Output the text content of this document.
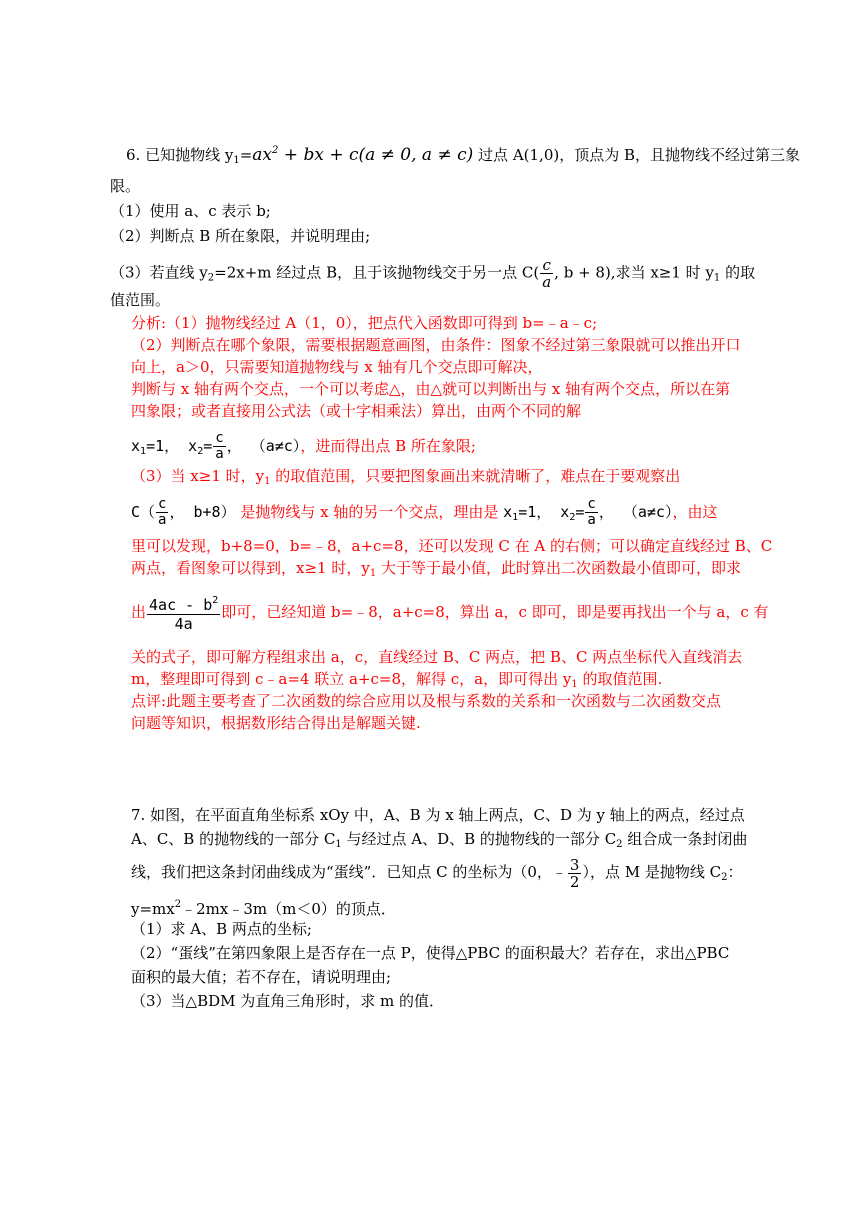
6. 已知抛物线 $y_1=ax^2$ + bx + c(a ≠ 0, a ≠ c) 过点 A(1,0)，顶点为 B，且抛物线不经过第三象
限。
（1）使用 a、c 表示 b;
（2）判断点 B 所在象限，并说明理由;
（3）若直线 $y_2=2x+m$ 经过点 B，且于该抛物线交于另一点 $C( \frac{c}{a}$ , b + 8),求当 x≥1 时 $y_1$ 的取
值范围。
分析:（1）抛物线经过 A（1，0），把点代入函数即可得到 b=﹣a﹣c;
（2）判断点在哪个象限，需要根据题意画图，由条件：图象不经过第三象限就可以推出开口
向上，a＞0，只需要知道抛物线与 x 轴有几个交点即可解决，
判断与 x 轴有两个交点，一个可以考虑△，由△就可以判断出与 x 轴有两个交点，所以在第
四象限；或者直接用公式法（或十字相乘法）算出，由两个不同的解
$x_1=1$， $x_2= \frac{c}{a}$ ， （a≠c），进而得出点 B 所在象限;
（3）当 x≥1 时，$y_1$ 的取值范围，只要把图象画出来就清晰了，难点在于要观察出
$C( \frac{c}{a}$ ， b+8） 是抛物线与 x 轴的另一个交点，理由是 $x_1=1$， $x_2= \frac{c}{a}$ ， （a≠c），由这
里可以发现，b+8=0，b=﹣8，a+c=8，还可以发现 C 在 A 的右侧；可以确定直线经过 B、C
两点，看图象可以得到，x≥1 时，$y_1$ 大于等于最小值，此时算出二次函数最小值即可，即求
出 $\frac{4ac - b^2}{4a}$ 即可，已经知道 b=﹣8，a+c=8，算出 a，c 即可，即是要再找出一个与 a，c 有
关的式子，即可解方程组求出 a，c，直线经过 B、C 两点，把 B、C 两点坐标代入直线消去
m，整理即可得到 c﹣a=4 联立 a+c=8，解得 c，a，即可得出 $y_1$ 的取值范围.
点评:此题主要考查了二次函数的综合应用以及根与系数的关系和一次函数与二次函数交点
问题等知识，根据数形结合得出是解题关键.
7. 如图，在平面直角坐标系 xOy 中，A、B 为 x 轴上两点，C、D 为 y 轴上的两点，经过点
A、C、B 的抛物线的一部分 $C_1$ 与经过点 A、D、B 的抛物线的一部分 $C_2$ 组合成一条封闭曲
线，我们把这条封闭曲线成为“蛋线”．已知点 C 的坐标为（0，﹣ $\frac{3}{2}$ ），点 M 是抛物线 $C_2$：
$y=mx^2﹣2mx﹣3m(m<0)$的顶点．
（1）求 A、B 两点的坐标;
（2）“蛋线”在第四象限上是否存在一点 P，使得△PBC 的面积最大？若存在，求出△PBC
面积的最大值；若不存在，请说明理由;
（3）当△BDM 为直角三角形时，求 m 的值．
